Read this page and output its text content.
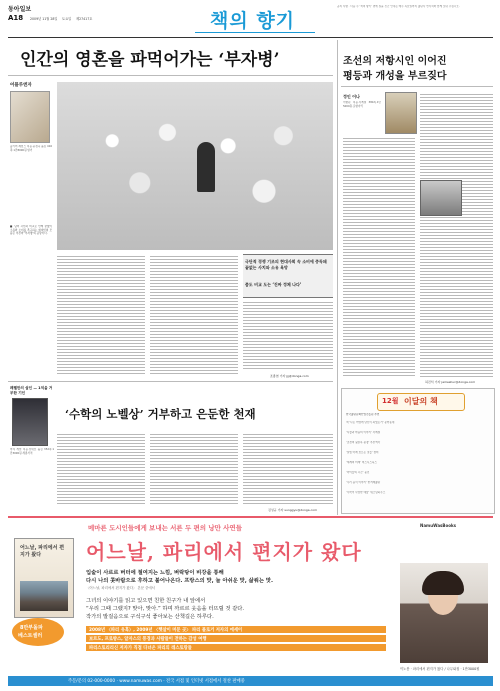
동아일보
A18 2009년 11월 28일 토요일 제27417호	책의 향기
공지 사항 · 다음 주 ‘책의 향기’ 면에 실을 신간 안내는 매주 목요일까지 출판사 연락처와 함께 보내 주십시오.
인간의 영혼을 파먹어가는 ‘부자병’
어플루엔자
올리버 제임스 지음·윤정숙 옮김 416쪽·1만8000원·알키
■ 남의 시선과 비교로 인해 끝없이 소유와 소비를 추구하는 현대인의 모습은 이른바 ‘부자병’의 증상이다.
극단적 경쟁 기조의 현대사회 속 소비에 중독돼 끝없는 사치와 소유 욕망
좀도 비교 도는 ‘진짜 정체 나다’
조종엽 기자 jjj@donga.com
페렐만의 살인 — 1억을 거부한 기인
마샤 게센 지음·전대호 옮김 352쪽·1만3000원·세종서적
‘수학의 노벨상’ 거부하고 은둔한 천재
김성규 기자 sunggyu@donga.com
조선의 저항시인 이어진
평등과 개성을 부르짖다
정인 어나
이향원 지음·사계절 384쪽·1만5000원·글항아리
허진석 기자 jameshur@donga.com
12월 이달의 책
한국출판문화산업진흥원 추천
책 ‘나는 어떻게 당신이 되었는가’ 문학동네
‘사물과 마음의 이야기’ 사계절
‘조선의 뒷골목 풍경’ 푸른역사
‘달빛 아래 흐르는 것들’ 창비
‘세계의 미래’ 비즈니스북스
‘아이들의 시간’ 웅진
‘우리 음식 이야기’ 한겨레출판
‘수학이 사랑한 예술’ 위즈덤하우스
메마른 도시인들에게 보내는 서른 두 편의 낭만 사연들	NamuWasBooks
어느날, 파리에서 편지가 왔다
어느날, 파리에서 편지가 왔다
8만부돌파
베스트셀러
입술이 사르르 버터에 절여지는 느낌, 벼락탕이 비강을 통해
다시 나의 콧바람으로 후하고 불어나온다. 프랑스의 맛, 늘 아쉬운 맛, 삶쒀는 맛.
〈어느날, 파리에서 편지가 왔다〉 본문 중에서
그녀의 이야기를 읽고 있으면 친한 친구가 내 앞에서
“우리 그때 그랬지? 맞아, 맞아.” 하며 까르르 웃음을 터뜨릴 것 같다.
작가의 발걸음으로 구석구석 좋아보는 산책길은 하루다.
2008년 〈파리 유혹〉, 2009년 〈햇살이 머문 곳〉 파리 블로거 저자의 에세이
보르도, 프로방스, 알자스의 풍경과 사람들이 전하는 감성 여행
파리스토리리신 저자가 직접 다녀온 파리의 레스토랑들
이노봉 · 파리에서 편지가 왔다 / 나무와집 · 1만3000원
주문/문의 02-000-0000 · www.namuwas.com · 전국 서점 및 인터넷 서점에서 절찬 판매중
